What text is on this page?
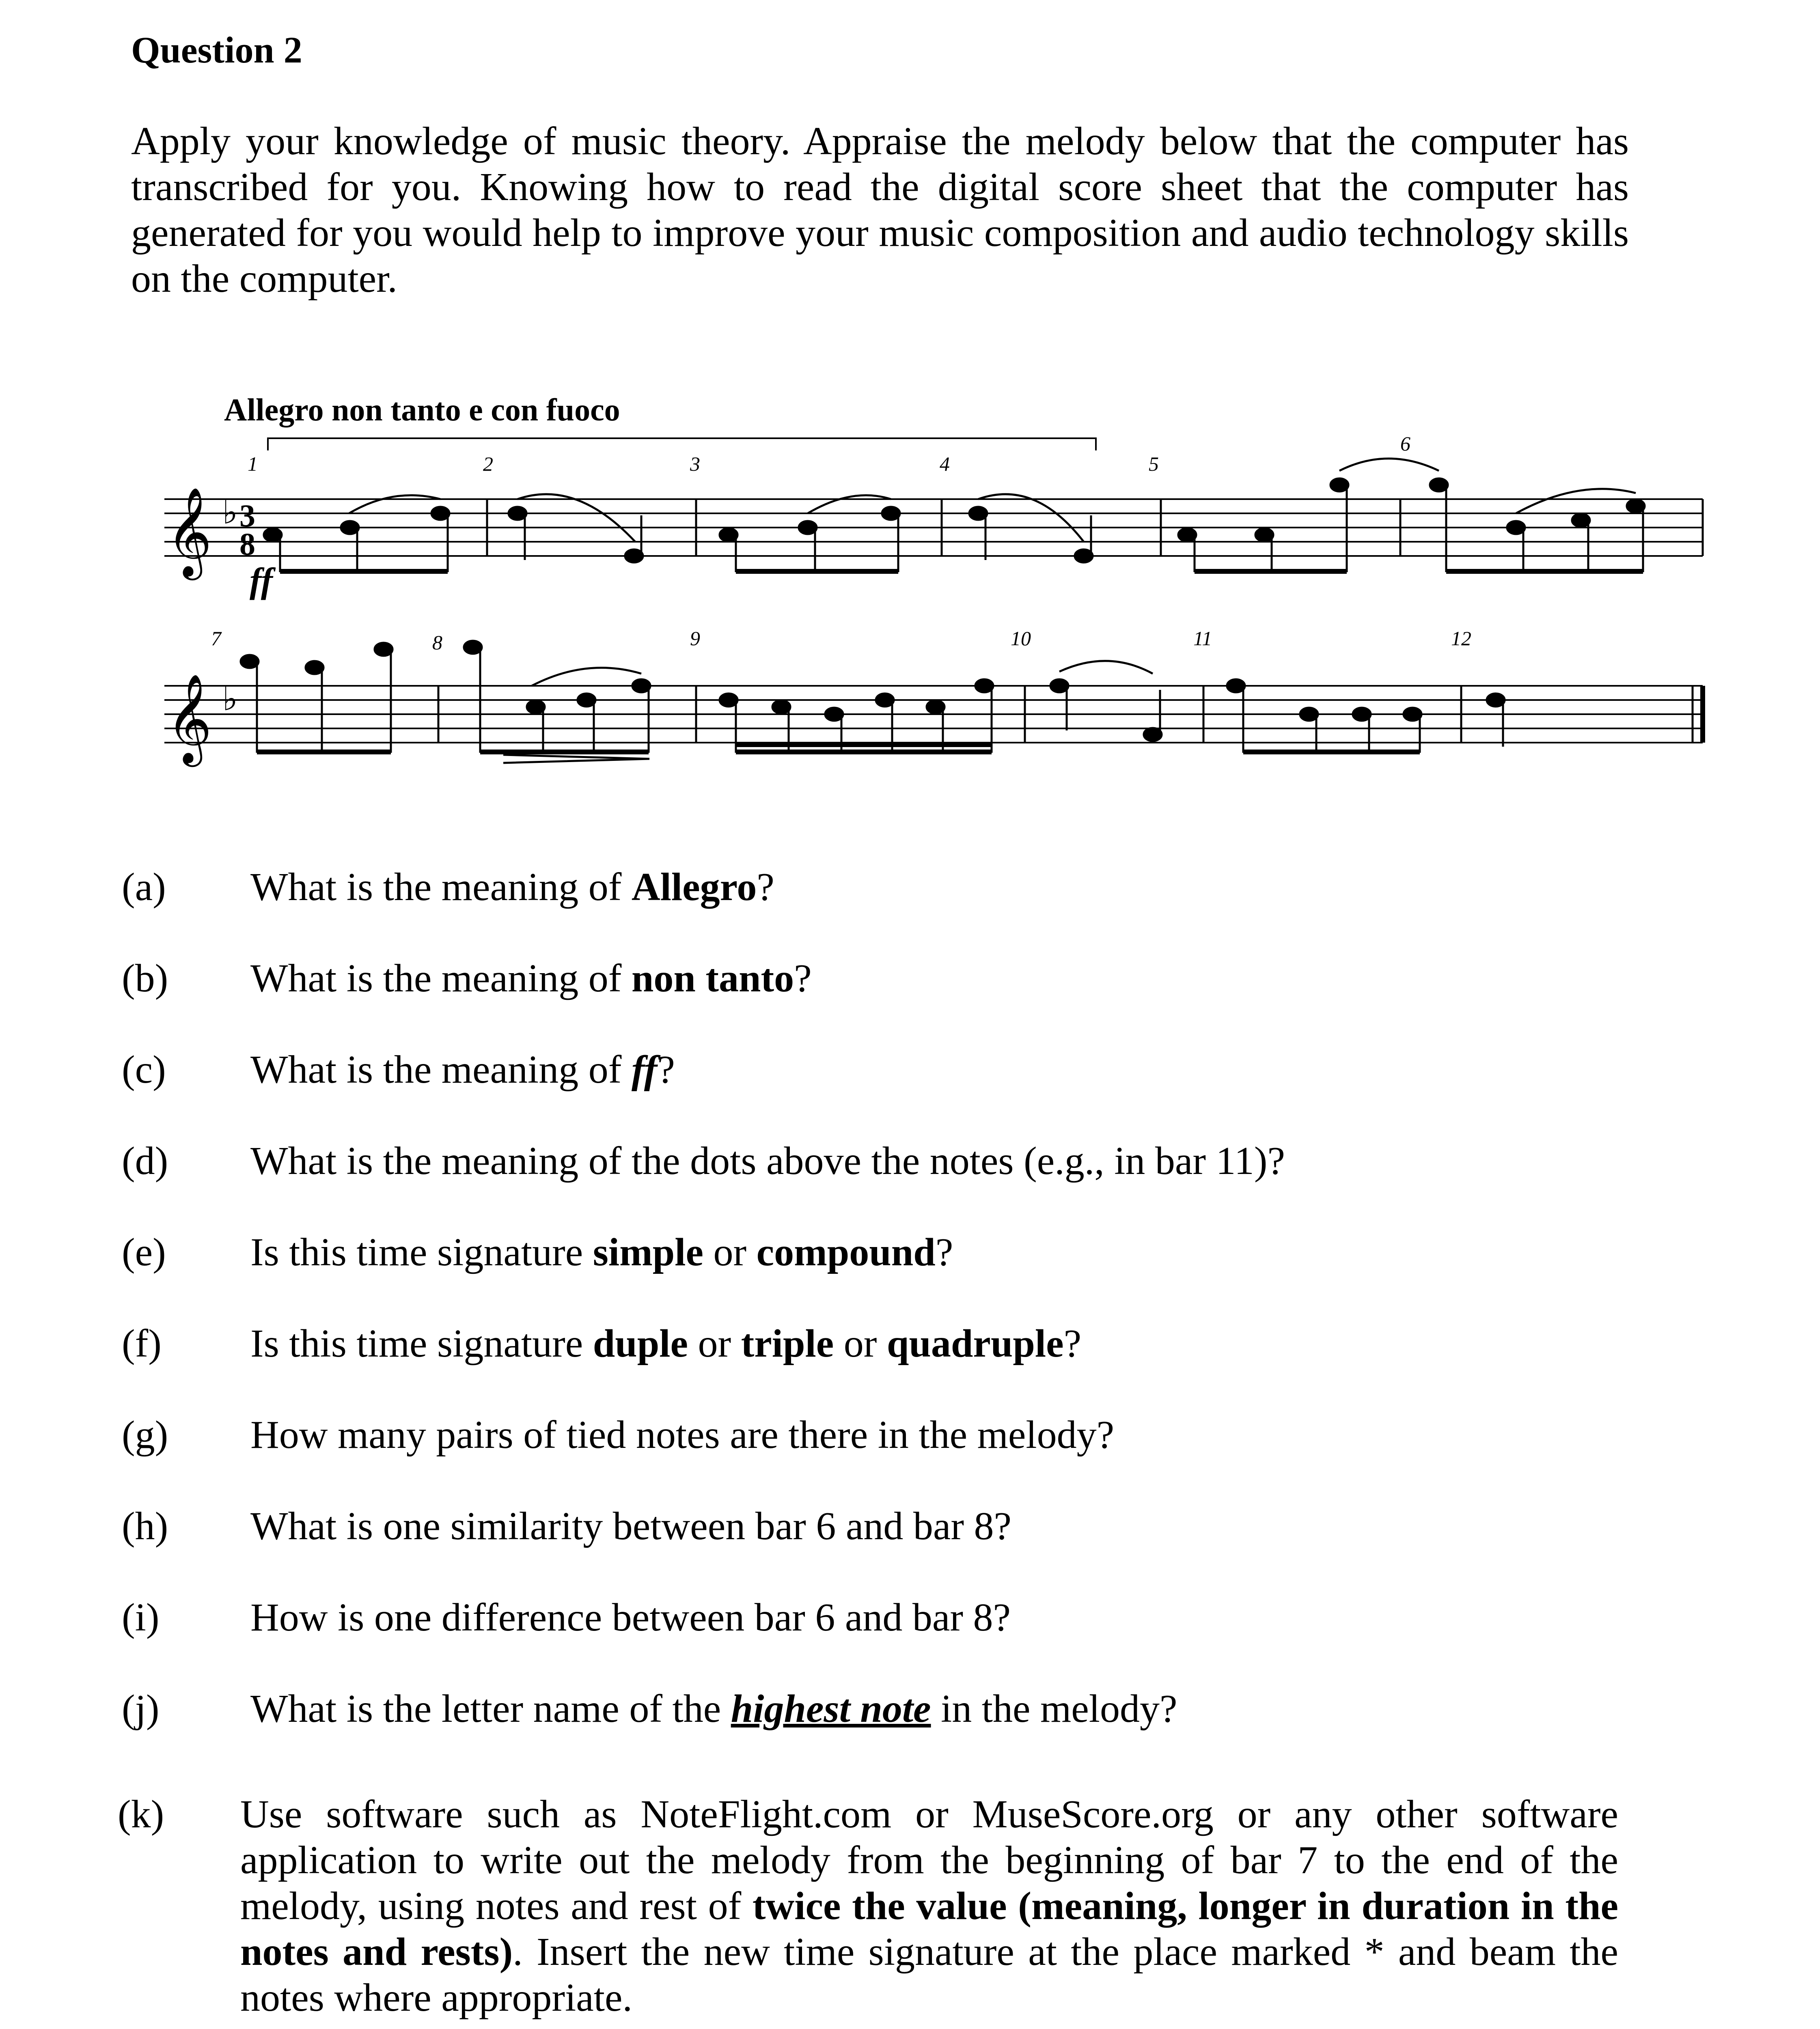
Question 2
Apply your knowledge of music theory. Appraise the melody below that the computer has transcribed for you. Knowing how to read the digital score sheet that the computer has generated for you would help to improve your music composition and audio technology skills on the computer.
Allegro non tanto e con fuoco
𝄞 ♭
𝄞 ♭
3
8
ff
1	2	3	4	5
6
7	8	9	10	11	12
(a) What is the meaning of Allegro?
(b) What is the meaning of non tanto?
(c) What is the meaning of ff?
(d) What is the meaning of the dots above the notes (e.g., in bar 11)?
(e) Is this time signature simple or compound?
(f) Is this time signature duple or triple or quadruple?
(g) How many pairs of tied notes are there in the melody?
(h) What is one similarity between bar 6 and bar 8?
(i) How is one difference between bar 6 and bar 8?
(j) What is the letter name of the highest note in the melody?
(k) Use software such as NoteFlight.com or MuseScore.org or any other software application to write out the melody from the beginning of bar 7 to the end of the melody, using notes and rest of twice the value (meaning, longer in duration in the notes and rests). Insert the new time signature at the place marked * and beam the notes where appropriate.
